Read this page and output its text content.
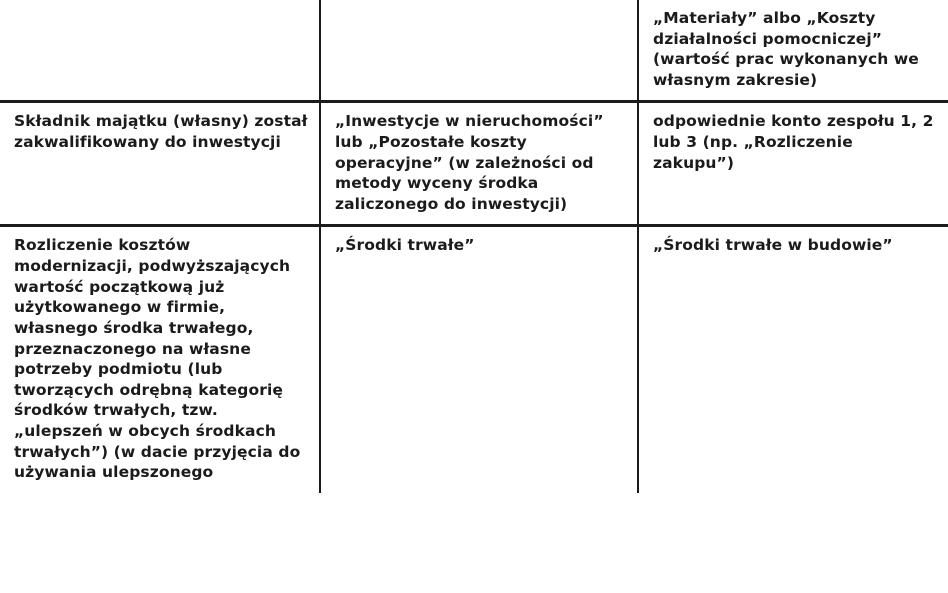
		„Materiały” albo „Koszty działalności pomocniczej” (wartość prac wykonanych we własnym zakresie)
Składnik majątku (własny) został zakwalifikowany do inwestycji	„Inwestycje w nieruchomości” lub „Pozostałe koszty operacyjne” (w zależności od metody wyceny środka zaliczonego do inwestycji)	odpowiednie konto zespołu 1, 2 lub 3 (np. „Rozliczenie zakupu”)
Rozliczenie kosztów modernizacji, podwyższających wartość początkową już użytkowanego w firmie, własnego środka trwałego, przeznaczonego na własne potrzeby podmiotu (lub tworzących odrębną kategorię środków trwałych, tzw. „ulepszeń w obcych środkach trwałych”) (w dacie przyjęcia do używania ulepszonego	„Środki trwałe”	„Środki trwałe w budowie”
